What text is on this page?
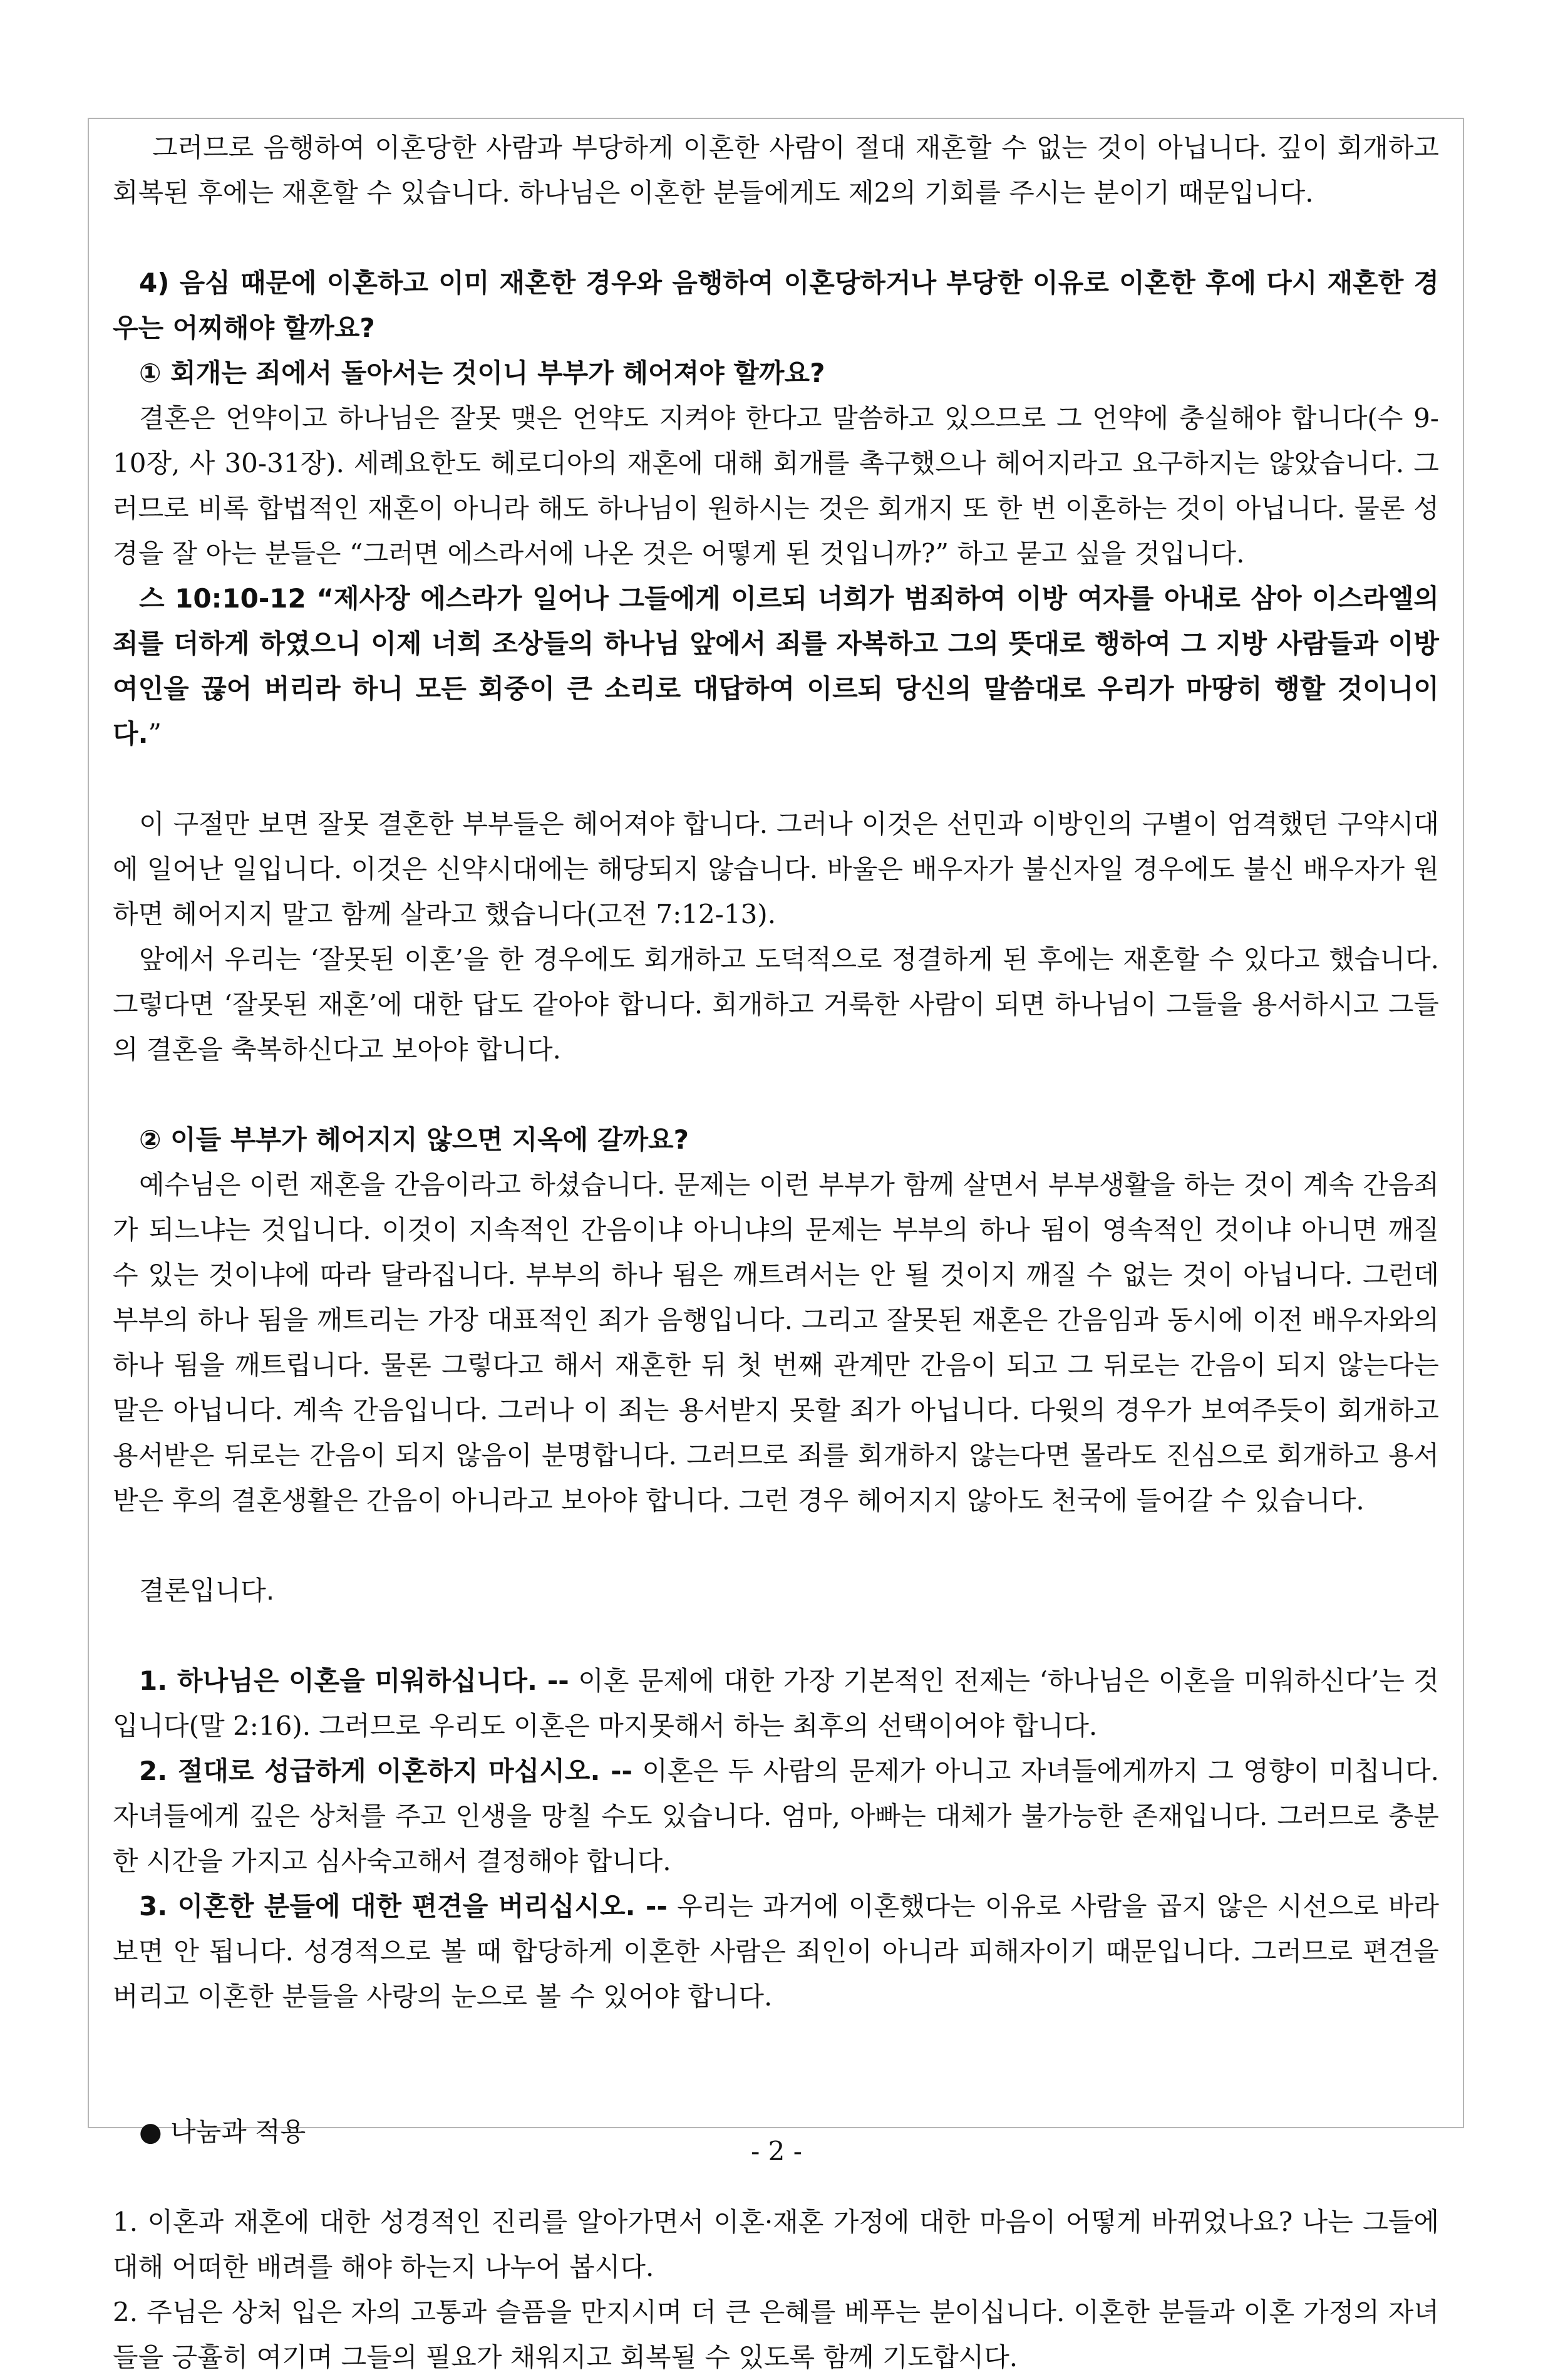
그러므로 음행하여 이혼당한 사람과 부당하게 이혼한 사람이 절대 재혼할 수 없는 것이 아닙니다. 깊이 회개하고 회복된 후에는 재혼할 수 있습니다. 하나님은 이혼한 분들에게도 제2의 기회를 주시는 분이기 때문입니다.

4) 음심 때문에 이혼하고 이미 재혼한 경우와 음행하여 이혼당하거나 부당한 이유로 이혼한 후에 다시 재혼한 경우는 어찌해야 할까요?

① 회개는 죄에서 돌아서는 것이니 부부가 헤어져야 할까요?

결혼은 언약이고 하나님은 잘못 맺은 언약도 지켜야 한다고 말씀하고 있으므로 그 언약에 충실해야 합니다(수 9-10장, 사 30-31장). 세례요한도 헤로디아의 재혼에 대해 회개를 촉구했으나 헤어지라고 요구하지는 않았습니다. 그러므로 비록 합법적인 재혼이 아니라 해도 하나님이 원하시는 것은 회개지 또 한 번 이혼하는 것이 아닙니다. 물론 성경을 잘 아는 분들은 “그러면 에스라서에 나온 것은 어떻게 된 것입니까?” 하고 묻고 싶을 것입니다.

스 10:10-12 “제사장 에스라가 일어나 그들에게 이르되 너희가 범죄하여 이방 여자를 아내로 삼아 이스라엘의 죄를 더하게 하였으니 이제 너희 조상들의 하나님 앞에서 죄를 자복하고 그의 뜻대로 행하여 그 지방 사람들과 이방 여인을 끊어 버리라 하니 모든 회중이 큰 소리로 대답하여 이르되 당신의 말씀대로 우리가 마땅히 행할 것이니이다.”

이 구절만 보면 잘못 결혼한 부부들은 헤어져야 합니다. 그러나 이것은 선민과 이방인의 구별이 엄격했던 구약시대에 일어난 일입니다. 이것은 신약시대에는 해당되지 않습니다. 바울은 배우자가 불신자일 경우에도 불신 배우자가 원하면 헤어지지 말고 함께 살라고 했습니다(고전 7:12-13).

앞에서 우리는 ‘잘못된 이혼’을 한 경우에도 회개하고 도덕적으로 정결하게 된 후에는 재혼할 수 있다고 했습니다. 그렇다면 ‘잘못된 재혼’에 대한 답도 같아야 합니다. 회개하고 거룩한 사람이 되면 하나님이 그들을 용서하시고 그들의 결혼을 축복하신다고 보아야 합니다.

② 이들 부부가 헤어지지 않으면 지옥에 갈까요?

예수님은 이런 재혼을 간음이라고 하셨습니다. 문제는 이런 부부가 함께 살면서 부부생활을 하는 것이 계속 간음죄가 되느냐는 것입니다. 이것이 지속적인 간음이냐 아니냐의 문제는 부부의 하나 됨이 영속적인 것이냐 아니면 깨질 수 있는 것이냐에 따라 달라집니다. 부부의 하나 됨은 깨트려서는 안 될 것이지 깨질 수 없는 것이 아닙니다. 그런데 부부의 하나 됨을 깨트리는 가장 대표적인 죄가 음행입니다. 그리고 잘못된 재혼은 간음임과 동시에 이전 배우자와의 하나 됨을 깨트립니다. 물론 그렇다고 해서 재혼한 뒤 첫 번째 관계만 간음이 되고 그 뒤로는 간음이 되지 않는다는 말은 아닙니다. 계속 간음입니다. 그러나 이 죄는 용서받지 못할 죄가 아닙니다. 다윗의 경우가 보여주듯이 회개하고 용서받은 뒤로는 간음이 되지 않음이 분명합니다. 그러므로 죄를 회개하지 않는다면 몰라도 진심으로 회개하고 용서받은 후의 결혼생활은 간음이 아니라고 보아야 합니다. 그런 경우 헤어지지 않아도 천국에 들어갈 수 있습니다.

결론입니다.

1. 하나님은 이혼을 미워하십니다. -- 이혼 문제에 대한 가장 기본적인 전제는 ‘하나님은 이혼을 미워하신다’는 것입니다(말 2:16). 그러므로 우리도 이혼은 마지못해서 하는 최후의 선택이어야 합니다.

2. 절대로 성급하게 이혼하지 마십시오. -- 이혼은 두 사람의 문제가 아니고 자녀들에게까지 그 영향이 미칩니다. 자녀들에게 깊은 상처를 주고 인생을 망칠 수도 있습니다. 엄마, 아빠는 대체가 불가능한 존재입니다. 그러므로 충분한 시간을 가지고 심사숙고해서 결정해야 합니다.

3. 이혼한 분들에 대한 편견을 버리십시오. -- 우리는 과거에 이혼했다는 이유로 사람을 곱지 않은 시선으로 바라보면 안 됩니다. 성경적으로 볼 때 합당하게 이혼한 사람은 죄인이 아니라 피해자이기 때문입니다. 그러므로 편견을 버리고 이혼한 분들을 사랑의 눈으로 볼 수 있어야 합니다.

● 나눔과 적용

1. 이혼과 재혼에 대한 성경적인 진리를 알아가면서 이혼·재혼 가정에 대한 마음이 어떻게 바뀌었나요? 나는 그들에 대해 어떠한 배려를 해야 하는지 나누어 봅시다.

2. 주님은 상처 입은 자의 고통과 슬픔을 만지시며 더 큰 은혜를 베푸는 분이십니다. 이혼한 분들과 이혼 가정의 자녀들을 긍휼히 여기며 그들의 필요가 채워지고 회복될 수 있도록 함께 기도합시다.

- 2 -
